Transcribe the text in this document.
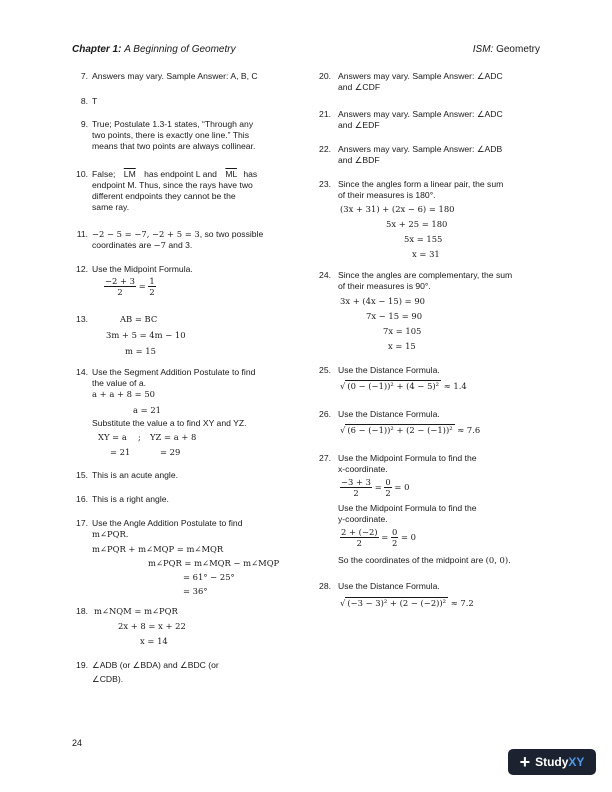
Chapter 1: A Beginning of Geometry	ISM: Geometry
7. Answers may vary. Sample Answer: A, B, C
8. T
9. True; Postulate 1.3-1 states, “Through any
two points, there is exactly one line.” This
means that two points are always collinear.
10. False; $\overline{LM}$ has endpoint L and $\overline{ML}$ has
endpoint M. Thus, since the rays have two
different endpoints they cannot be the
same ray.
11. −2 − 5 = −7, −2 + 5 = 3, so two possible
coordinates are −7 and 3.
12. Use the Midpoint Formula.
$\frac{-2 + 3}{2} = \frac{1}{2}$
13.	AB = BC
3m + 5 = 4m − 10
m = 15
14. Use the Segment Addition Postulate to find
the value of a.
a + a + 8 = 50
a = 21
Substitute the value a to find XY and YZ.
XY = a ; YZ = a + 8
= 21	= 29
15. This is an acute angle.
16. This is a right angle.
17. Use the Angle Addition Postulate to find
m∠PQR.
m∠PQR + m∠MQP = m∠MQR
m∠PQR = m∠MQR − m∠MQP
= 61° − 25°
= 36°
18. m∠NQM = m∠PQR
2x + 8 = x + 22
x = 14
19. ∠ADB (or ∠BDA) and ∠BDC (or
∠CDB).
20. Answers may vary. Sample Answer: ∠ADC
and ∠CDF
21. Answers may vary. Sample Answer: ∠ADC
and ∠EDF
22. Answers may vary. Sample Answer: ∠ADB
and ∠BDF
23. Since the angles form a linear pair, the sum
of their measures is 180°.
(3x + 31) + (2x − 6) = 180
5x + 25 = 180
5x = 155
x = 31
24. Since the angles are complementary, the sum
of their measures is 90°.
3x + (4x − 15) = 90
7x − 15 = 90
7x = 105
x = 15
25. Use the Distance Formula.
√ (0 − (−1))² + (4 − 5)² ≈ 1.4
26. Use the Distance Formula.
√ (6 − (−1))² + (2 − (−1))² ≈ 7.6
27. Use the Midpoint Formula to find the
x-coordinate.
$\frac{-3 + 3}{2} = \frac{0}{2} = 0$
Use the Midpoint Formula to find the
y-coordinate.
$\frac{2 + (-2)}{2} = \frac{0}{2} = 0$
So the coordinates of the midpoint are (0, 0).
28. Use the Distance Formula.
√ (−3 − 3)² + (2 − (−2))² ≈ 7.2
24
+ StudyXY
